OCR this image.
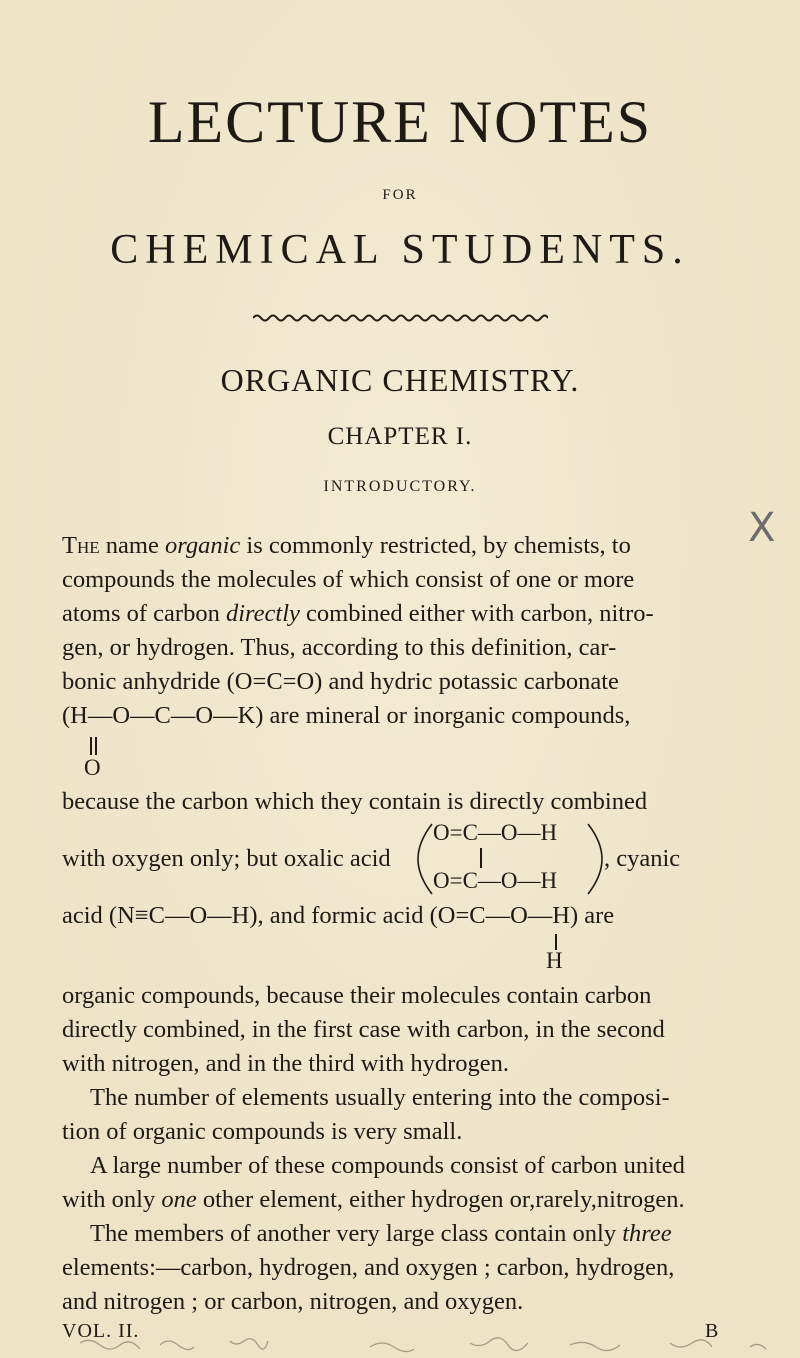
LECTURE NOTES
FOR
CHEMICAL STUDENTS.
ORGANIC CHEMISTRY.
CHAPTER I.
INTRODUCTORY.
The name organic is commonly restricted, by chemists, to
compounds the molecules of which consist of one or more
atoms of carbon directly combined either with carbon, nitro-
gen, or hydrogen. Thus, according to this definition, car-
bonic anhydride (O=C=O) and hydric potassic carbonate
(H—O—C—O—K) are mineral or inorganic compounds,
O
because the carbon which they contain is directly combined
O=C—O—H
O=C—O—H
with oxygen only; but oxalic acid	, cyanic
acid (N≡C—O—H), and formic acid (O=C—O—H) are
H
organic compounds, because their molecules contain carbon
directly combined, in the first case with carbon, in the second
with nitrogen, and in the third with hydrogen.
The number of elements usually entering into the composi-
tion of organic compounds is very small.
A large number of these compounds consist of carbon united
with only one other element, either hydrogen or,rarely,nitrogen.
The members of another very large class contain only three
elements:—carbon, hydrogen, and oxygen ; carbon, hydrogen,
and nitrogen ; or carbon, nitrogen, and oxygen.
VOL. II.	B
X
